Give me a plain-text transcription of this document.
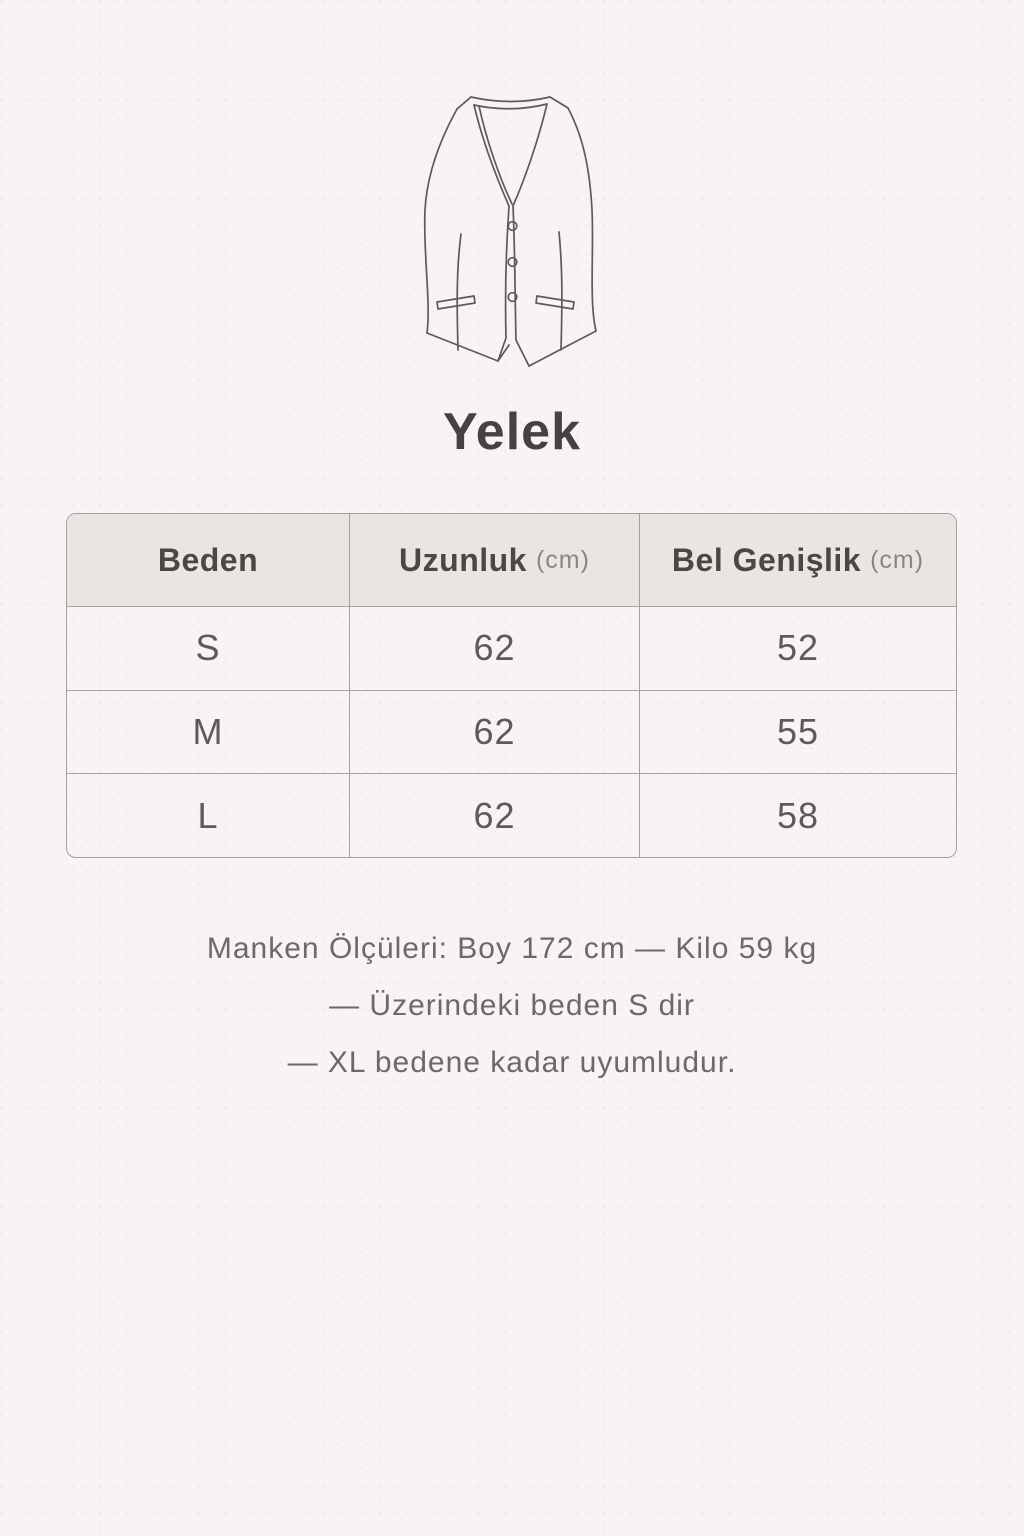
Yelek
Beden	Uzunluk (cm)	Bel Genişlik (cm)
S	62	52
M	62	55
L	62	58
Manken Ölçüleri: Boy 172 cm — Kilo 59 kg
— Üzerindeki beden S dir
— XL bedene kadar uyumludur.
